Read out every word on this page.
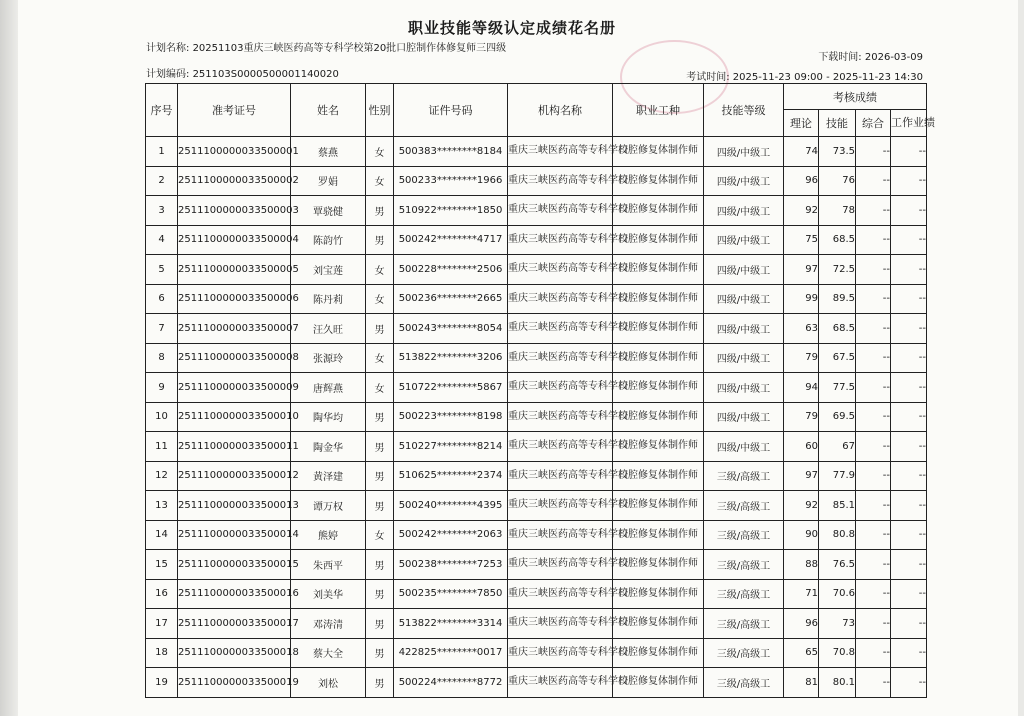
职业技能等级认定成绩花名册
计划名称: 20251103重庆三峡医药高等专科学校第20批口腔制作体修复师三四级
计划编码: 251103S0000500001140020
下载时间: 2026-03-09
考试时间: 2025-11-23 09:00 - 2025-11-23 14:30
序号	准考证号	姓名	性别	证件号码	机构名称	职业工种	技能等级	考核成绩			
								理论	技能	综合	工作业绩
1	2511100000033500001	蔡燕	女	500383********8184	重庆三峡医药高等专科学校	口腔修复体制作师	四级/中级工	74	73.5	--	--
2	2511100000033500002	罗娟	女	500233********1966	重庆三峡医药高等专科学校	口腔修复体制作师	四级/中级工	96	76	--	--
3	2511100000033500003	覃骁健	男	510922********1850	重庆三峡医药高等专科学校	口腔修复体制作师	四级/中级工	92	78	--	--
4	2511100000033500004	陈韵竹	男	500242********4717	重庆三峡医药高等专科学校	口腔修复体制作师	四级/中级工	75	68.5	--	--
5	2511100000033500005	刘宝莲	女	500228********2506	重庆三峡医药高等专科学校	口腔修复体制作师	四级/中级工	97	72.5	--	--
6	2511100000033500006	陈丹莉	女	500236********2665	重庆三峡医药高等专科学校	口腔修复体制作师	四级/中级工	99	89.5	--	--
7	2511100000033500007	汪久旺	男	500243********8054	重庆三峡医药高等专科学校	口腔修复体制作师	四级/中级工	63	68.5	--	--
8	2511100000033500008	张源玲	女	513822********3206	重庆三峡医药高等专科学校	口腔修复体制作师	四级/中级工	79	67.5	--	--
9	2511100000033500009	唐辉燕	女	510722********5867	重庆三峡医药高等专科学校	口腔修复体制作师	四级/中级工	94	77.5	--	--
10	2511100000033500010	陶华均	男	500223********8198	重庆三峡医药高等专科学校	口腔修复体制作师	四级/中级工	79	69.5	--	--
11	2511100000033500011	陶金华	男	510227********8214	重庆三峡医药高等专科学校	口腔修复体制作师	四级/中级工	60	67	--	--
12	2511100000033500012	黄泽建	男	510625********2374	重庆三峡医药高等专科学校	口腔修复体制作师	三级/高级工	97	77.9	--	--
13	2511100000033500013	谭万权	男	500240********4395	重庆三峡医药高等专科学校	口腔修复体制作师	三级/高级工	92	85.1	--	--
14	2511100000033500014	熊婷	女	500242********2063	重庆三峡医药高等专科学校	口腔修复体制作师	三级/高级工	90	80.8	--	--
15	2511100000033500015	朱西平	男	500238********7253	重庆三峡医药高等专科学校	口腔修复体制作师	三级/高级工	88	76.5	--	--
16	2511100000033500016	刘美华	男	500235********7850	重庆三峡医药高等专科学校	口腔修复体制作师	三级/高级工	71	70.6	--	--
17	2511100000033500017	邓涛清	男	513822********3314	重庆三峡医药高等专科学校	口腔修复体制作师	三级/高级工	96	73	--	--
18	2511100000033500018	蔡大全	男	422825********0017	重庆三峡医药高等专科学校	口腔修复体制作师	三级/高级工	65	70.8	--	--
19	2511100000033500019	刘松	男	500224********8772	重庆三峡医药高等专科学校	口腔修复体制作师	三级/高级工	81	80.1	--	--
